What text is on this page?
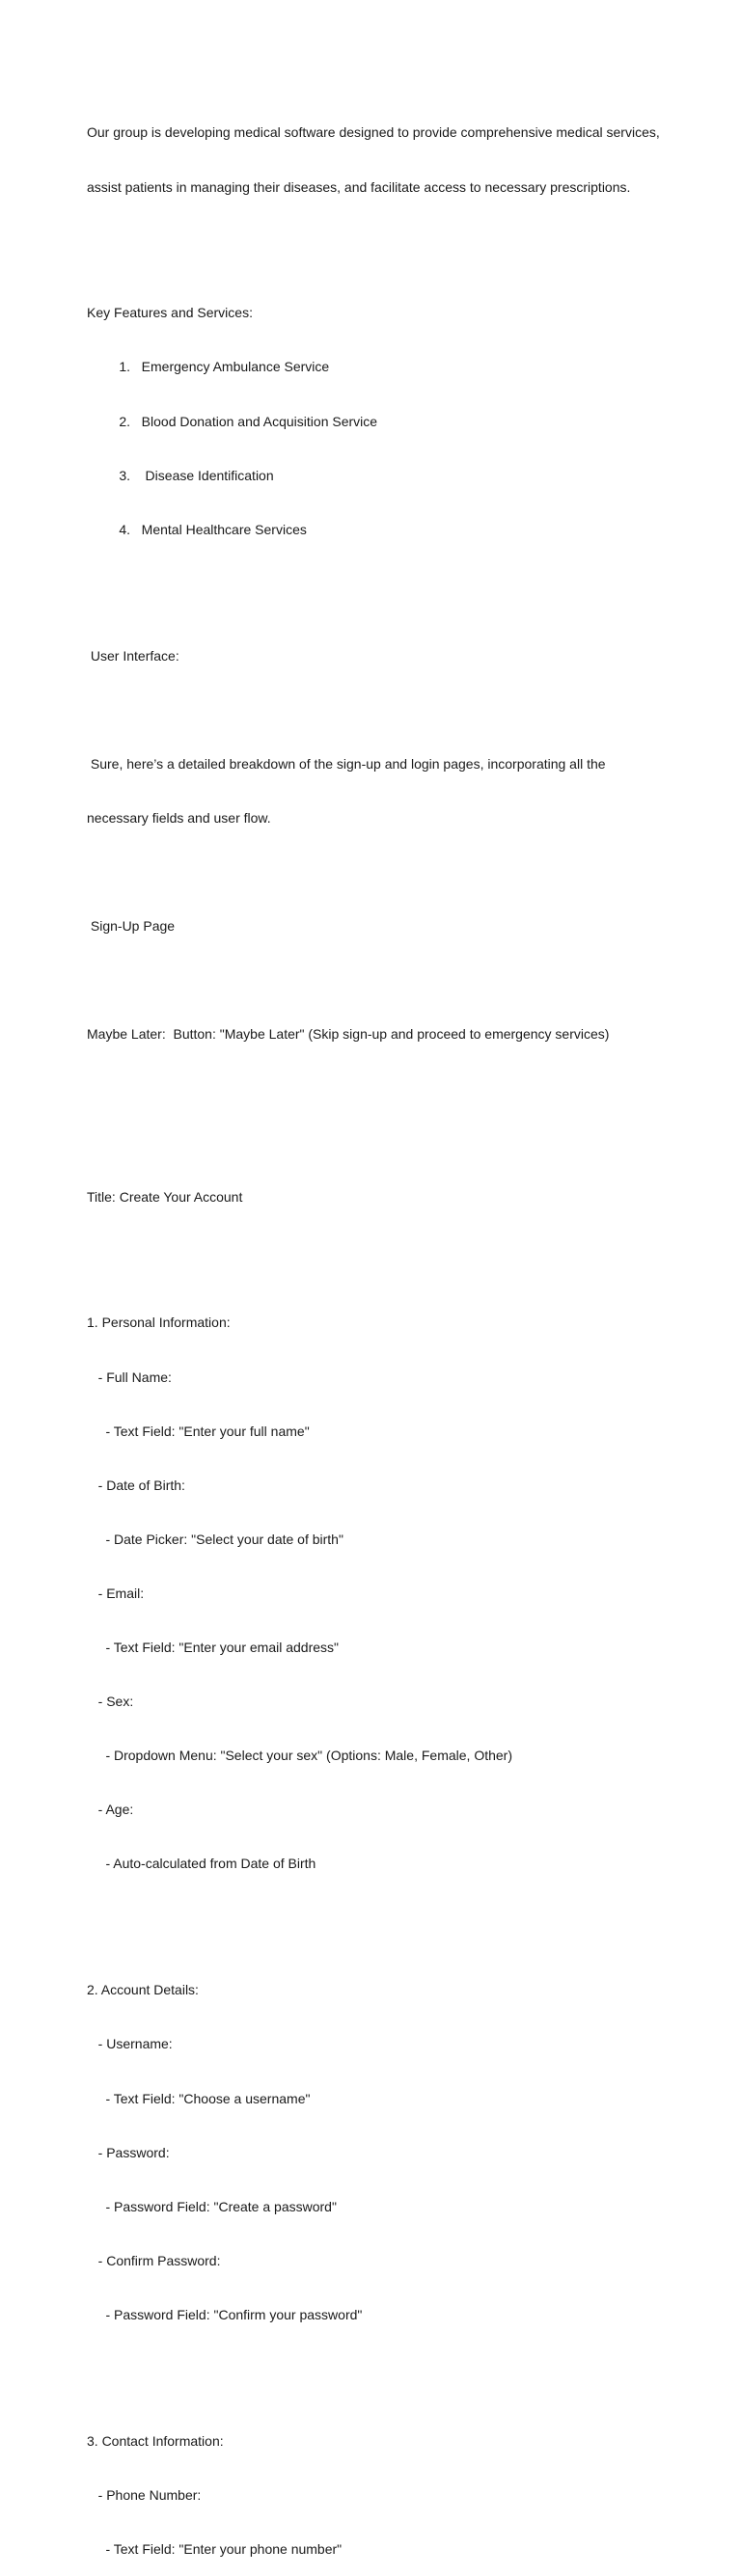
Our group is developing medical software designed to provide comprehensive medical services,

assist patients in managing their diseases, and facilitate access to necessary prescriptions.

Key Features and Services:

1.   Emergency Ambulance Service

2.   Blood Donation and Acquisition Service

3.    Disease Identification

4.   Mental Healthcare Services

User Interface:

Sure, here’s a detailed breakdown of the sign-up and login pages, incorporating all the

necessary fields and user flow.

Sign-Up Page

Maybe Later:  Button: "Maybe Later" (Skip sign-up and proceed to emergency services)

Title: Create Your Account

1. Personal Information:

- Full Name:

- Text Field: "Enter your full name"

- Date of Birth:

- Date Picker: "Select your date of birth"

- Email:

- Text Field: "Enter your email address"

- Sex:

- Dropdown Menu: "Select your sex" (Options: Male, Female, Other)

- Age:

- Auto-calculated from Date of Birth

2. Account Details:

- Username:

- Text Field: "Choose a username"

- Password:

- Password Field: "Create a password"

- Confirm Password:

- Password Field: "Confirm your password"

3. Contact Information:

- Phone Number:

- Text Field: "Enter your phone number"
